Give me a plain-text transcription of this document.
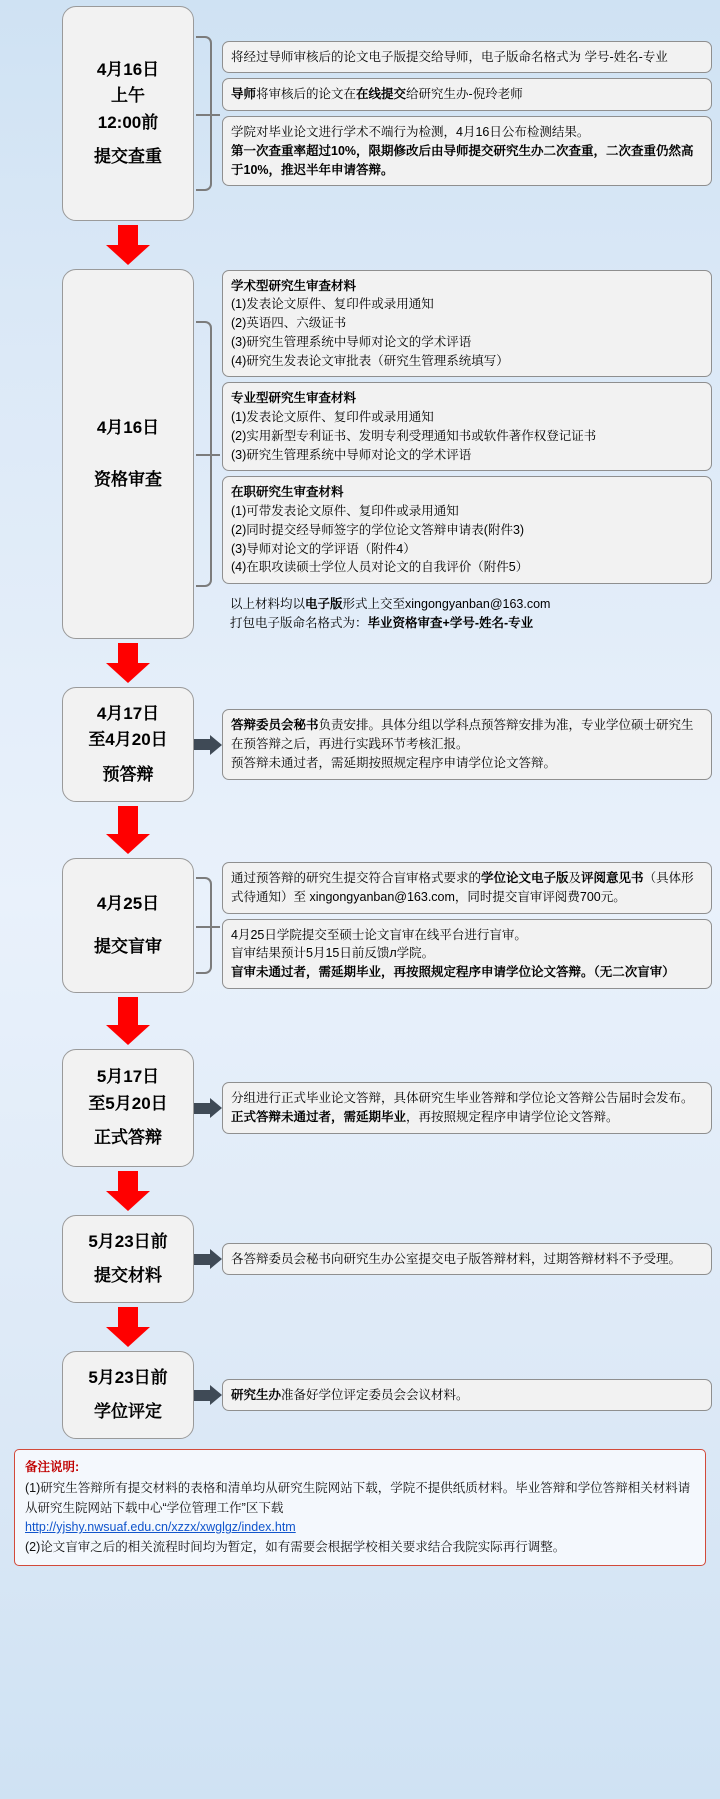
4月16日
上午
12:00前
提交查重
将经过导师审核后的论文电子版提交给导师，电子版命名格式为 学号-姓名-专业
导师将审核后的论文在在线提交给研究生办-倪玲老师
学院对毕业论文进行学术不端行为检测，4月16日公布检测结果。
第一次查重率超过10%，限期修改后由导师提交研究生办二次查重，二次查重仍然高于10%，推迟半年申请答辩。
4月16日
资格审查
学术型研究生审查材料
(1)发表论文原件、复印件或录用通知
(2)英语四、六级证书
(3)研究生管理系统中导师对论文的学术评语
(4)研究生发表论文审批表（研究生管理系统填写）
专业型研究生审查材料
(1)发表论文原件、复印件或录用通知
(2)实用新型专利证书、发明专利受理通知书或软件著作权登记证书
(3)研究生管理系统中导师对论文的学术评语
在职研究生审查材料
(1)可带发表论文原件、复印件或录用通知
(2)同时提交经导师签字的学位论文答辩申请表(附件3)
(3)导师对论文的学评语（附件4）
(4)在职攻读硕士学位人员对论文的自我评价（附件5）
以上材料均以电子版形式上交至xingongyanban@163.com
打包电子版命名格式为：毕业资格审查+学号-姓名-专业
4月17日
至4月20日
预答辩
答辩委员会秘书负责安排。具体分组以学科点预答辩安排为准，专业学位硕士研究生在预答辩之后，再进行实践环节考核汇报。
预答辩未通过者，需延期按照规定程序申请学位论文答辩。
4月25日
提交盲审
通过预答辩的研究生提交符合盲审格式要求的学位论文电子版及评阅意见书（具体形式待通知）至 xingongyanban@163.com，同时提交盲审评阅费700元。
4月25日学院提交至硕士论文盲审在线平台进行盲审。
盲审结果预计5月15日前反馈л学院。
盲审未通过者，需延期毕业，再按照规定程序申请学位论文答辩。（无二次盲审）
5月17日
至5月20日
正式答辩
分组进行正式毕业论文答辩，具体研究生毕业答辩和学位论文答辩公告届时会发布。
正式答辩未通过者，需延期毕业，再按照规定程序申请学位论文答辩。
5月23日前
提交材料
各答辩委员会秘书向研究生办公室提交电子版答辩材料，过期答辩材料不予受理。
5月23日前
学位评定
研究生办准备好学位评定委员会会议材料。
备注说明:

(1)研究生答辩所有提交材料的表格和清单均从研究生院网站下载，学院不提供纸质材料。毕业答辩和学位答辩相关材料请从研究生院网站下载中心“学位管理工作”区下载

http://yjshy.nwsuaf.edu.cn/xzzx/xwglgz/index.htm

(2)论文盲审之后的相关流程时间均为暂定，如有需要会根据学校相关要求结合我院实际再行调整。
